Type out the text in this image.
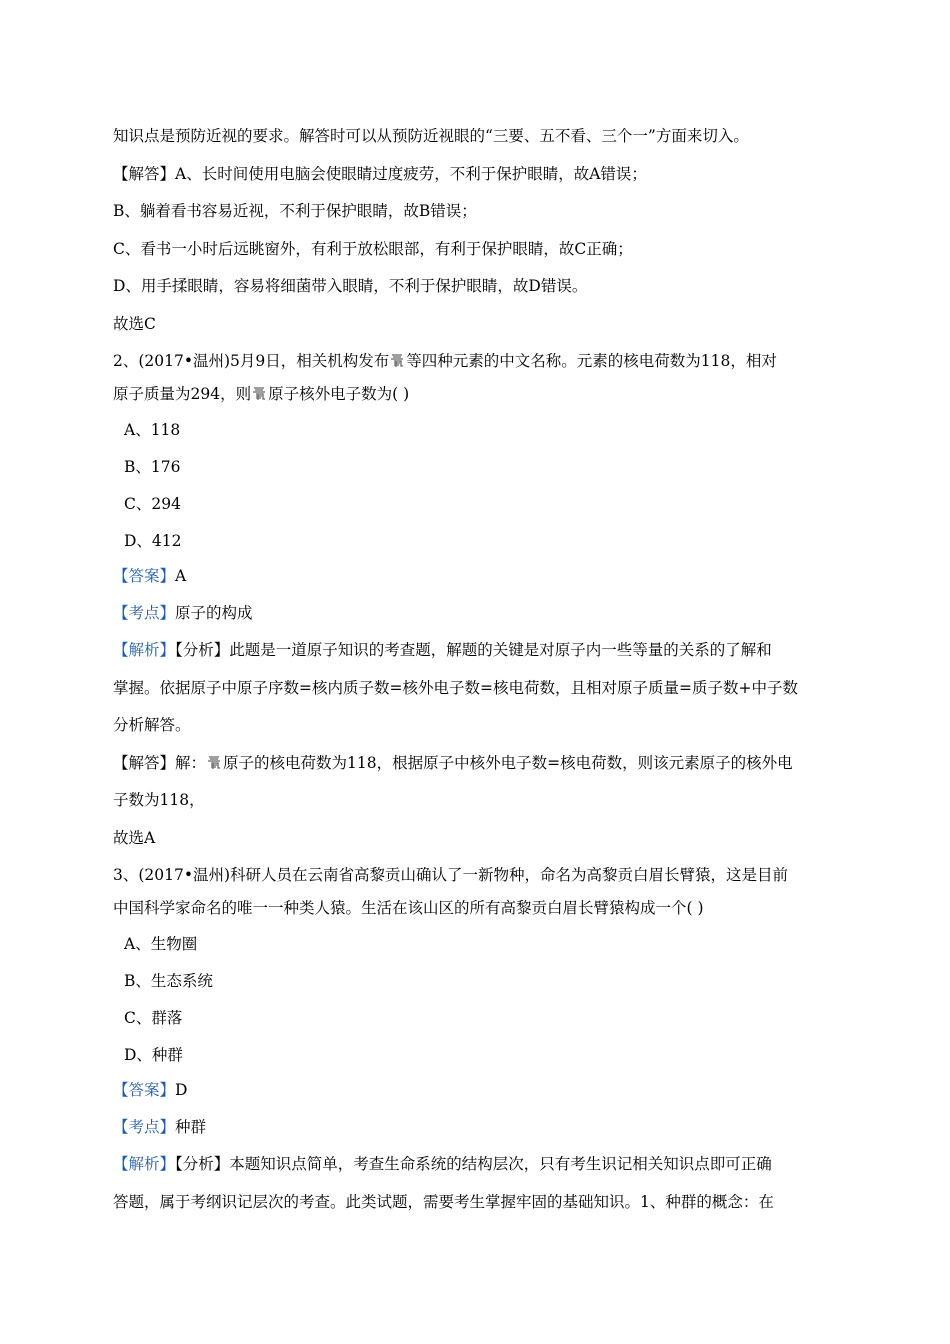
知识点是预防近视的要求。解答时可以从预防近视眼的“三要、五不看、三个一”方面来切入。
【解答】A、长时间使用电脑会使眼睛过度疲劳，不利于保护眼睛，故A错误；
B、躺着看书容易近视，不利于保护眼睛，故B错误；
C、看书一小时后远眺窗外，有利于放松眼部，有利于保护眼睛，故C正确；
D、用手揉眼睛，容易将细菌带入眼睛，不利于保护眼睛，故D错误。
故选C
2、(2017•温州)5月9日，相关机构发布 等四种元素的中文名称。元素的核电荷数为118，相对
原子质量为294，则 原子核外电子数为( )
A、118
B、176
C、294
D、412
【答案】A
【考点】原子的构成
【解析】【分析】此题是一道原子知识的考查题，解题的关键是对原子内一些等量的关系的了解和
掌握。依据原子中原子序数=核内质子数=核外电子数=核电荷数，且相对原子质量=质子数+中子数
分析解答。
【解答】解： 原子的核电荷数为118，根据原子中核外电子数=核电荷数，则该元素原子的核外电
子数为118，
故选A
3、(2017•温州)科研人员在云南省高黎贡山确认了一新物种，命名为高黎贡白眉长臂猿，这是目前
中国科学家命名的唯一一种类人猿。生活在该山区的所有高黎贡白眉长臂猿构成一个( )
A、生物圈
B、生态系统
C、群落
D、种群
【答案】D
【考点】种群
【解析】【分析】本题知识点简单，考查生命系统的结构层次，只有考生识记相关知识点即可正确
答题，属于考纲识记层次的考查。此类试题，需要考生掌握牢固的基础知识。1、种群的概念：在
